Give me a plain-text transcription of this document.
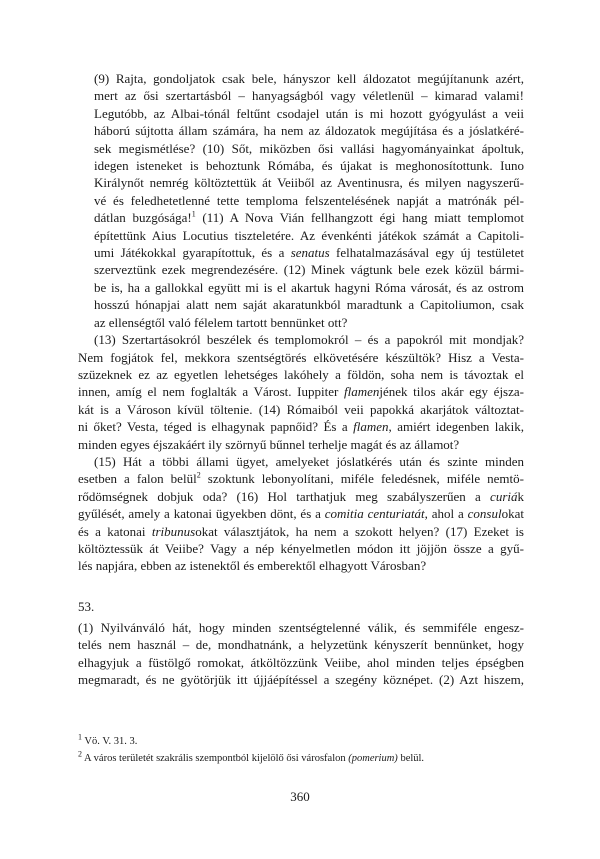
(9) Rajta, gondoljatok csak bele, hányszor kell áldozatot megújítanunk azért,
mert az ősi szertartásból – hanyagságból vagy véletlenül – kimarad valami!
Legutóbb, az Albai-tónál feltűnt csodajel után is mi hozott gyógyulást a veii
háború sújtotta állam számára, ha nem az áldozatok megújítása és a jóslatkéré-
sek megismétlése? (10) Sőt, miközben ősi vallási hagyományainkat ápoltuk,
idegen isteneket is behoztunk Rómába, és újakat is meghonosítottunk. Iuno
Királynőt nemrég költöztettük át Veiiből az Aventinusra, és milyen nagyszerű-
vé és feledhetetlenné tette temploma felszentelésének napját a matrónák pél-
dátlan buzgósága!$^1$ (11) A Nova Vián fellhangzott égi hang miatt templomot
építettünk Aius Locutius tiszteletére. Az évenkénti játékok számát a Capitoli-
umi Játékokkal gyarapítottuk, és a senatus felhatalmazásával egy új testületet
szerveztünk ezek megrendezésére. (12) Minek vágtunk bele ezek közül bármi-
be is, ha a gallokkal együtt mi is el akartuk hagyni Róma városát, és az ostrom
hosszú hónapjai alatt nem saját akaratunkból maradtunk a Capitoliumon, csak
az ellenségtől való félelem tartott bennünket ott?
(13) Szertartásokról beszélek és templomokról – és a papokról mit mondjak?
Nem fogjátok fel, mekkora szentségtörés elkövetésére készültök? Hisz a Vesta-
szüzeknek ez az egyetlen lehetséges lakóhely a földön, soha nem is távoztak el
innen, amíg el nem foglalták a Várost. Iuppiter flamenjének tilos akár egy éjsza-
kát is a Városon kívül töltenie. (14) Rómaiból veii papokká akarjátok változtat-
ni őket? Vesta, téged is elhagynak papnőid? És a flamen, amiért idegenben lakik,
minden egyes éjszakáért ily szörnyű bűnnel terhelje magát és az államot?
(15) Hát a többi állami ügyet, amelyeket jóslatkérés után és szinte minden
esetben a falon belül$^2$ szoktunk lebonyolítani, miféle feledésnek, miféle nemtö-
rődömségnek dobjuk oda? (16) Hol tarthatjuk meg szabályszerűen a curiák
gyűlését, amely a katonai ügyekben dönt, és a comitia centuriatát, ahol a consulokat
és a katonai tribunusokat választjátok, ha nem a szokott helyen? (17) Ezeket is
költöztessük át Veiibe? Vagy a nép kényelmetlen módon itt jöjjön össze a gyű-
lés napjára, ebben az istenektől és emberektől elhagyott Városban?
53.
(1) Nyilvánváló hát, hogy minden szentségtelenné válik, és semmiféle engesz-
telés nem használ – de, mondhatnánk, a helyzetünk kényszerít bennünket, hogy
elhagyjuk a füstölgő romokat, átköltözzünk Veiibe, ahol minden teljes épségben
megmaradt, és ne gyötörjük itt újjáépítéssel a szegény köznépet. (2) Azt hiszem,
$^1$ Vö. V. 31. 3.
$^2$ A város területét szakrális szempontból kijelölő ősi városfalon (pomerium) belül.
360
